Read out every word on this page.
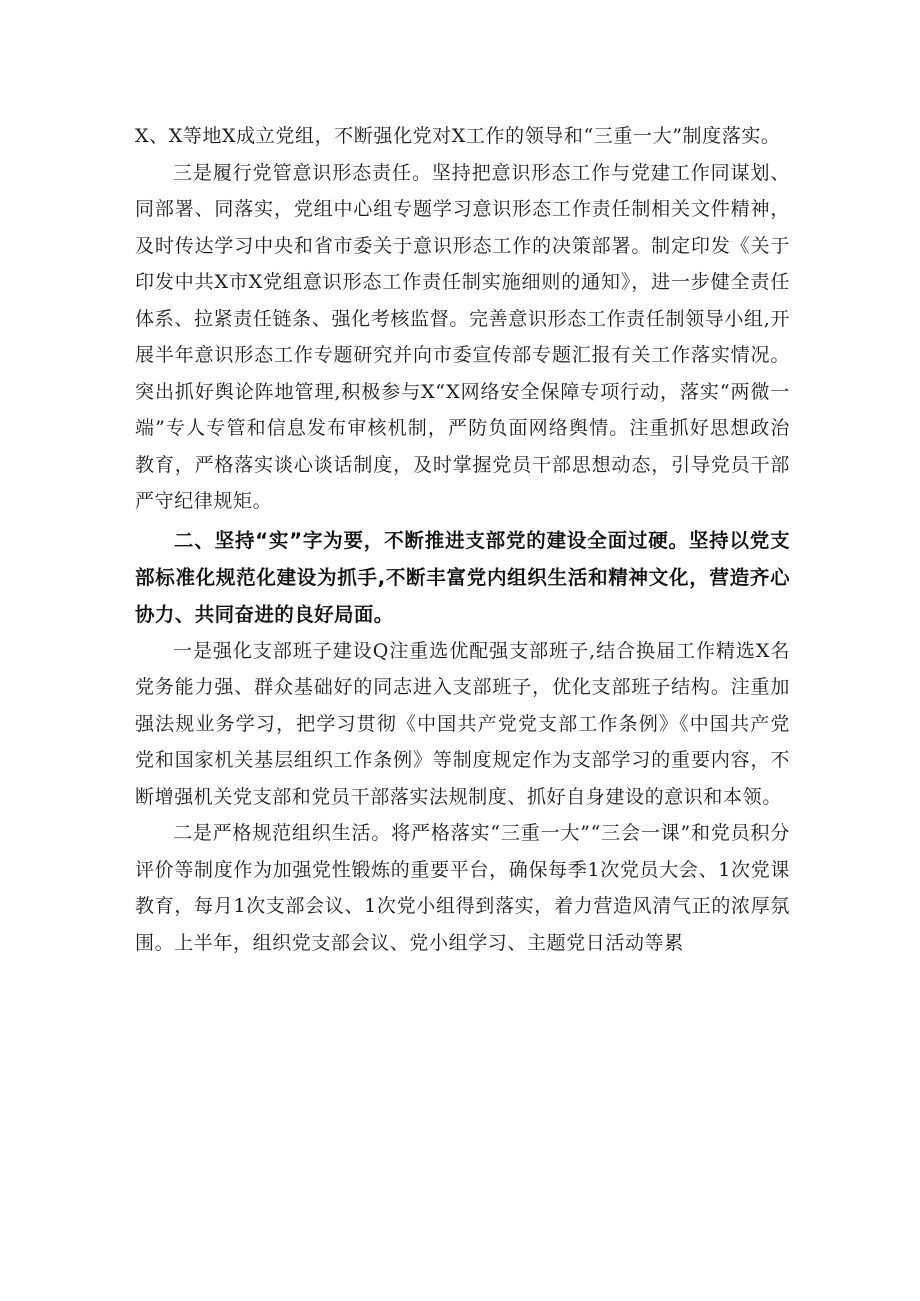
X、X等地X成立党组，不断强化党对X工作的领导和“三重一大”制度落实。

三是履行党管意识形态责任。坚持把意识形态工作与党建工作同谋划、同部署、同落实，党组中心组专题学习意识形态工作责任制相关文件精神，及时传达学习中央和省市委关于意识形态工作的决策部署。制定印发《关于印发中共X市X党组意识形态工作责任制实施细则的通知》，进一步健全责任体系、拉紧责任链条、强化考核监督。完善意识形态工作责任制领导小组,开展半年意识形态工作专题研究并向市委宣传部专题汇报有关工作落实情况。突出抓好舆论阵地管理,积极参与X“X网络安全保障专项行动，落实“两微一端”专人专管和信息发布审核机制，严防负面网络舆情。注重抓好思想政治教育，严格落实谈心谈话制度，及时掌握党员干部思想动态，引导党员干部严守纪律规矩。

二、坚持“实”字为要，不断推进支部党的建设全面过硬。坚持以党支部标准化规范化建设为抓手,不断丰富党内组织生活和精神文化，营造齐心协力、共同奋进的良好局面。

一是强化支部班子建设Q注重选优配强支部班子,结合换届工作精选X名党务能力强、群众基础好的同志进入支部班子，优化支部班子结构。注重加强法规业务学习，把学习贯彻《中国共产党党支部工作条例》《中国共产党党和国家机关基层组织工作条例》等制度规定作为支部学习的重要内容，不断增强机关党支部和党员干部落实法规制度、抓好自身建设的意识和本领。

二是严格规范组织生活。将严格落实“三重一大”“三会一课”和党员积分评价等制度作为加强党性锻炼的重要平台，确保每季1次党员大会、1次党课教育，每月1次支部会议、1次党小组得到落实，着力营造风清气正的浓厚氛围。上半年，组织党支部会议、党小组学习、主题党日活动等累
